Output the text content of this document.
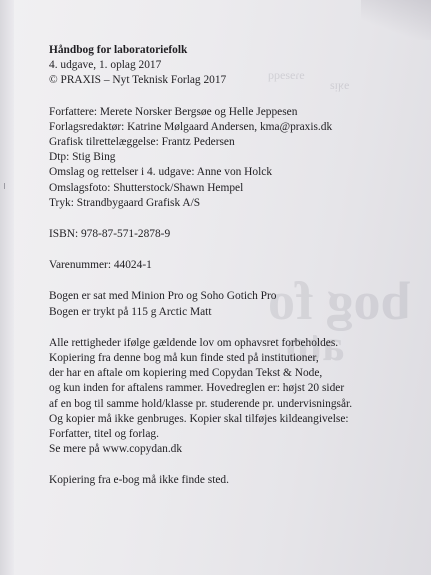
bog fo
ato
ɘɿɘƨɘqq
ɘʞᴉƨ
Håndbog for laboratoriefolk
4. udgave, 1. oplag 2017
© PRAXIS – Nyt Teknisk Forlag 2017
Forfattere: Merete Norsker Bergsøe og Helle Jeppesen
Forlagsredaktør: Katrine Mølgaard Andersen, kma@praxis.dk
Grafisk tilrettelæggelse: Frantz Pedersen
Dtp: Stig Bing
Omslag og rettelser i 4. udgave: Anne von Holck
Omslagsfoto: Shutterstock/Shawn Hempel
Tryk: Strandbygaard Grafisk A/S
ISBN: 978-87-571-2878-9
Varenummer: 44024-1
Bogen er sat med Minion Pro og Soho Gotich Pro
Bogen er trykt på 115 g Arctic Matt
Alle rettigheder ifølge gældende lov om ophavsret forbeholdes.
Kopiering fra denne bog må kun finde sted på institutioner,
der har en aftale om kopiering med Copydan Tekst & Node,
og kun inden for aftalens rammer. Hovedreglen er: højst 20 sider
af en bog til samme hold/klasse pr. studerende pr. undervisningsår.
Og kopier må ikke genbruges. Kopier skal tilføjes kildeangivelse:
Forfatter, titel og forlag.
Se mere på www.copydan.dk
Kopiering fra e-bog må ikke finde sted.
